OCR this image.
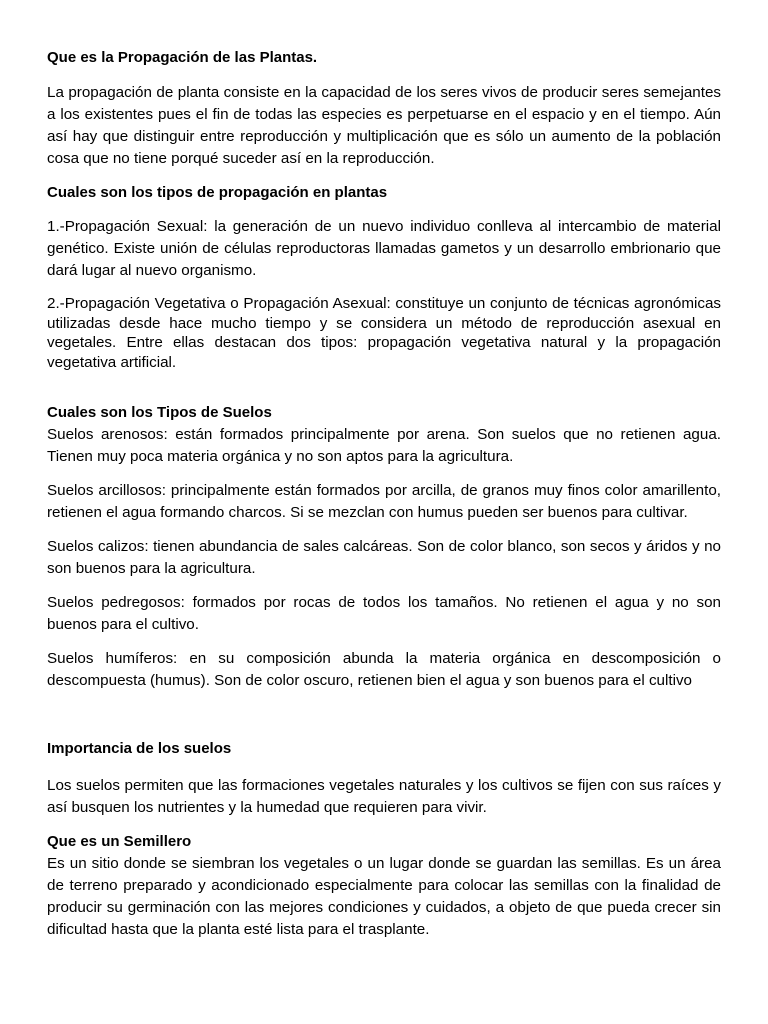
Que es la Propagación de las Plantas.

La propagación de planta consiste en la capacidad de los seres vivos de producir seres semejantes a los existentes pues el fin de todas las especies es perpetuarse en el espacio y en el tiempo. Aún así hay que distinguir entre reproducción y multiplicación que es sólo un aumento de la población cosa que no tiene porqué suceder así en la reproducción.

Cuales son los tipos de propagación en plantas

1.-Propagación Sexual: la generación de un nuevo individuo conlleva al intercambio de material genético. Existe unión de células reproductoras llamadas gametos y un desarrollo embrionario que dará lugar al nuevo organismo.

2.-Propagación Vegetativa o Propagación Asexual: constituye un conjunto de técnicas agronómicas utilizadas desde hace mucho tiempo y se considera un método de reproducción asexual en vegetales. Entre ellas destacan dos tipos: propagación vegetativa natural y la propagación vegetativa artificial.

Cuales son los Tipos de Suelos

Suelos arenosos: están formados principalmente por arena. Son suelos que no retienen agua. Tienen muy poca materia orgánica y no son aptos para la agricultura.

Suelos arcillosos: principalmente están formados por arcilla, de granos muy finos color amarillento, retienen el agua formando charcos. Si se mezclan con humus pueden ser buenos para cultivar.

Suelos calizos: tienen abundancia de sales calcáreas. Son de color blanco, son secos y áridos y no son buenos para la agricultura.

Suelos pedregosos: formados por rocas de todos los tamaños. No retienen el agua y no son buenos para el cultivo.

Suelos humíferos: en su composición abunda la materia orgánica en descomposición o descompuesta (humus). Son de color oscuro, retienen bien el agua y son buenos para el cultivo

Importancia de los suelos

Los suelos permiten que las formaciones vegetales naturales y los cultivos se fijen con sus raíces y así busquen los nutrientes y la humedad que requieren para vivir.

Que es un Semillero

Es un sitio donde se siembran los vegetales o un lugar donde se guardan las semillas. Es un área de terreno preparado y acondicionado especialmente para colocar las semillas con la finalidad de producir su germinación con las mejores condiciones y cuidados, a objeto de que pueda crecer sin dificultad hasta que la planta esté lista para el trasplante.
